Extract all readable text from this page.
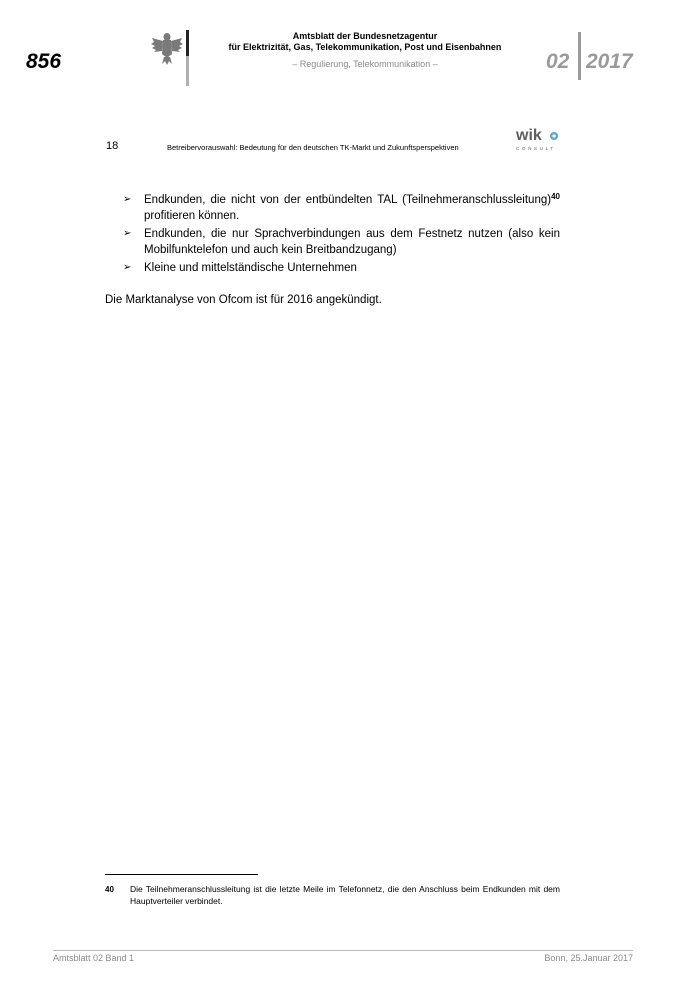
856
Amtsblatt der Bundesnetzagentur
für Elektrizität, Gas, Telekommunikation, Post und Eisenbahnen
– Regulierung, Telekommunikation –	02 2017
18	Betreibervorauswahl: Bedeutung für den deutschen TK-Markt und Zukunftsperspektiven
wik
CONSULT
➢ Endkunden, die nicht von der entbündelten TAL (Teilnehmeranschlussleitung)$^{40}$ profitieren können.
➢ Endkunden, die nur Sprachverbindungen aus dem Festnetz nutzen (also kein Mobilfunktelefon und auch kein Breitbandzugang)
➢ Kleine und mittelständische Unternehmen

Die Marktanalyse von Ofcom ist für 2016 angekündigt.

40 Die Teilnehmeranschlussleitung ist die letzte Meile im Telefonnetz, die den Anschluss beim Endkunden mit dem Hauptverteiler verbindet.

Amtsblatt 02 Band 1	Bonn, 25.Januar 2017
